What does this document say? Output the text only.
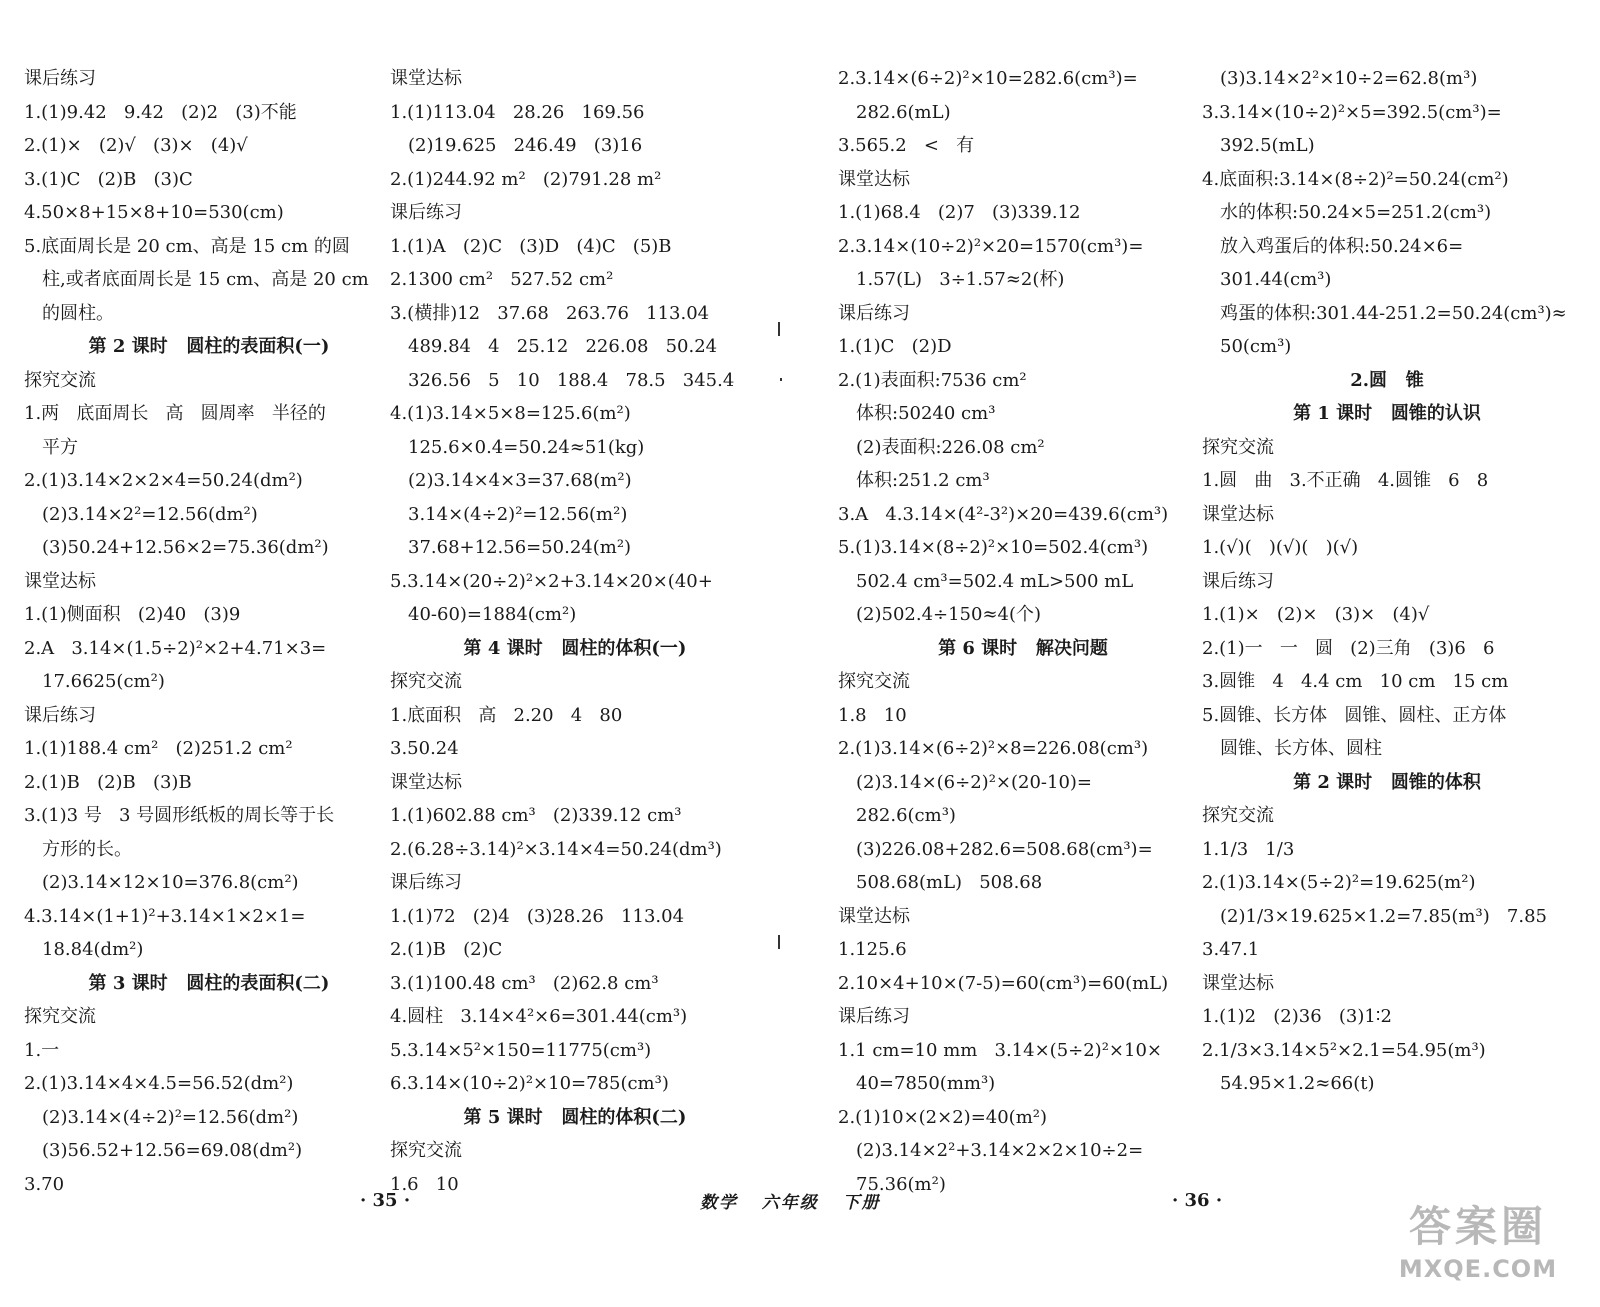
课后练习
1.(1)9.42   9.42   (2)2   (3)不能
2.(1)×   (2)√   (3)×   (4)√
3.(1)C   (2)B   (3)C
4.50×8+15×8+10=530(cm)
5.底面周长是 20 cm、高是 15 cm 的圆
柱,或者底面周长是 15 cm、高是 20 cm
的圆柱。
第 2 课时   圆柱的表面积(一)
探究交流
1.两   底面周长   高   圆周率   半径的
平方
2.(1)3.14×2×2×4=50.24(dm²)
(2)3.14×2²=12.56(dm²)
(3)50.24+12.56×2=75.36(dm²)
课堂达标
1.(1)侧面积   (2)40   (3)9
2.A   3.14×(1.5÷2)²×2+4.71×3=
17.6625(cm²)
课后练习
1.(1)188.4 cm²   (2)251.2 cm²
2.(1)B   (2)B   (3)B
3.(1)3 号   3 号圆形纸板的周长等于长
方形的长。
(2)3.14×12×10=376.8(cm²)
4.3.14×(1+1)²+3.14×1×2×1=
18.84(dm²)
第 3 课时   圆柱的表面积(二)
探究交流
1.一
2.(1)3.14×4×4.5=56.52(dm²)
(2)3.14×(4÷2)²=12.56(dm²)
(3)56.52+12.56=69.08(dm²)
3.70
课堂达标
1.(1)113.04   28.26   169.56
(2)19.625   246.49   (3)16
2.(1)244.92 m²   (2)791.28 m²
课后练习
1.(1)A   (2)C   (3)D   (4)C   (5)B
2.1300 cm²   527.52 cm²
3.(横排)12   37.68   263.76   113.04
489.84   4   25.12   226.08   50.24
326.56   5   10   188.4   78.5   345.4
4.(1)3.14×5×8=125.6(m²)
125.6×0.4=50.24≈51(kg)
(2)3.14×4×3=37.68(m²)
3.14×(4÷2)²=12.56(m²)
37.68+12.56=50.24(m²)
5.3.14×(20÷2)²×2+3.14×20×(40+
40-60)=1884(cm²)
第 4 课时   圆柱的体积(一)
探究交流
1.底面积   高   2.20   4   80
3.50.24
课堂达标
1.(1)602.88 cm³   (2)339.12 cm³
2.(6.28÷3.14)²×3.14×4=50.24(dm³)
课后练习
1.(1)72   (2)4   (3)28.26   113.04
2.(1)B   (2)C
3.(1)100.48 cm³   (2)62.8 cm³
4.圆柱   3.14×4²×6=301.44(cm³)
5.3.14×5²×150=11775(cm³)
6.3.14×(10÷2)²×10=785(cm³)
第 5 课时   圆柱的体积(二)
探究交流
1.6   10
2.3.14×(6÷2)²×10=282.6(cm³)=
282.6(mL)
3.565.2   <   有
课堂达标
1.(1)68.4   (2)7   (3)339.12
2.3.14×(10÷2)²×20=1570(cm³)=
1.57(L)   3÷1.57≈2(杯)
课后练习
1.(1)C   (2)D
2.(1)表面积:7536 cm²
体积:50240 cm³
(2)表面积:226.08 cm²
体积:251.2 cm³
3.A   4.3.14×(4²-3²)×20=439.6(cm³)
5.(1)3.14×(8÷2)²×10=502.4(cm³)
502.4 cm³=502.4 mL>500 mL
(2)502.4÷150≈4(个)
第 6 课时   解决问题
探究交流
1.8   10
2.(1)3.14×(6÷2)²×8=226.08(cm³)
(2)3.14×(6÷2)²×(20-10)=
282.6(cm³)
(3)226.08+282.6=508.68(cm³)=
508.68(mL)   508.68
课堂达标
1.125.6
2.10×4+10×(7-5)=60(cm³)=60(mL)
课后练习
1.1 cm=10 mm   3.14×(5÷2)²×10×
40=7850(mm³)
2.(1)10×(2×2)=40(m²)
(2)3.14×2²+3.14×2×2×10÷2=
75.36(m²)
(3)3.14×2²×10÷2=62.8(m³)
3.3.14×(10÷2)²×5=392.5(cm³)=
392.5(mL)
4.底面积:3.14×(8÷2)²=50.24(cm²)
水的体积:50.24×5=251.2(cm³)
放入鸡蛋后的体积:50.24×6=
301.44(cm³)
鸡蛋的体积:301.44-251.2=50.24(cm³)≈
50(cm³)
2.圆   锥
第 1 课时   圆锥的认识
探究交流
1.圆   曲   3.不正确   4.圆锥   6   8
课堂达标
1.(√)(   )(√)(   )(√)
课后练习
1.(1)×   (2)×   (3)×   (4)√
2.(1)一   一   圆   (2)三角   (3)6   6
3.圆锥   4   4.4 cm   10 cm   15 cm
5.圆锥、长方体   圆锥、圆柱、正方体
圆锥、长方体、圆柱
第 2 课时   圆锥的体积
探究交流
1.1/3   1/3
2.(1)3.14×(5÷2)²=19.625(m²)
(2)1/3×19.625×1.2=7.85(m³)   7.85
3.47.1
课堂达标
1.(1)2   (2)36   (3)1∶2
2.1/3×3.14×5²×2.1=54.95(m³)
54.95×1.2≈66(t)
· 35 ·	数学   六年级   下册	· 36 ·
答案圈
MXQE.COM
